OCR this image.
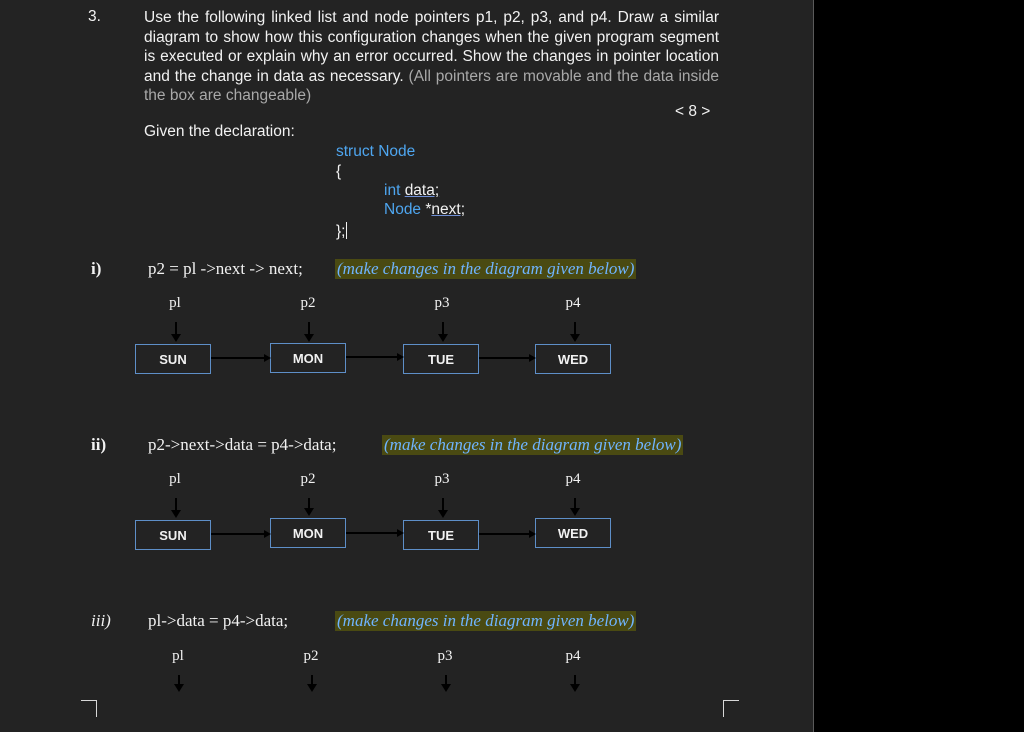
3.	Use the following linked list and node pointers p1, p2, p3, and p4. Draw a similar diagram to show how this configuration changes when the given program segment is executed or explain why an error occurred. Show the changes in pointer location and the change in data as necessary. (All pointers are movable and the data inside the box are changeable)
< 8 >
Given the declaration:
struct Node
{
int data;
Node *next;
};
i)	p2 = pl ->next -> next; (make changes in the diagram given below)
pl	p2	p3	p4
SUN	MON	TUE	WED
ii) p2->next->data = p4->data;	(make changes in the diagram given below)
pl	p2	p3	p4
SUN	MON	TUE	WED
iii) pl->data = p4->data;	(make changes in the diagram given below)
pl	p2	p3	p4
